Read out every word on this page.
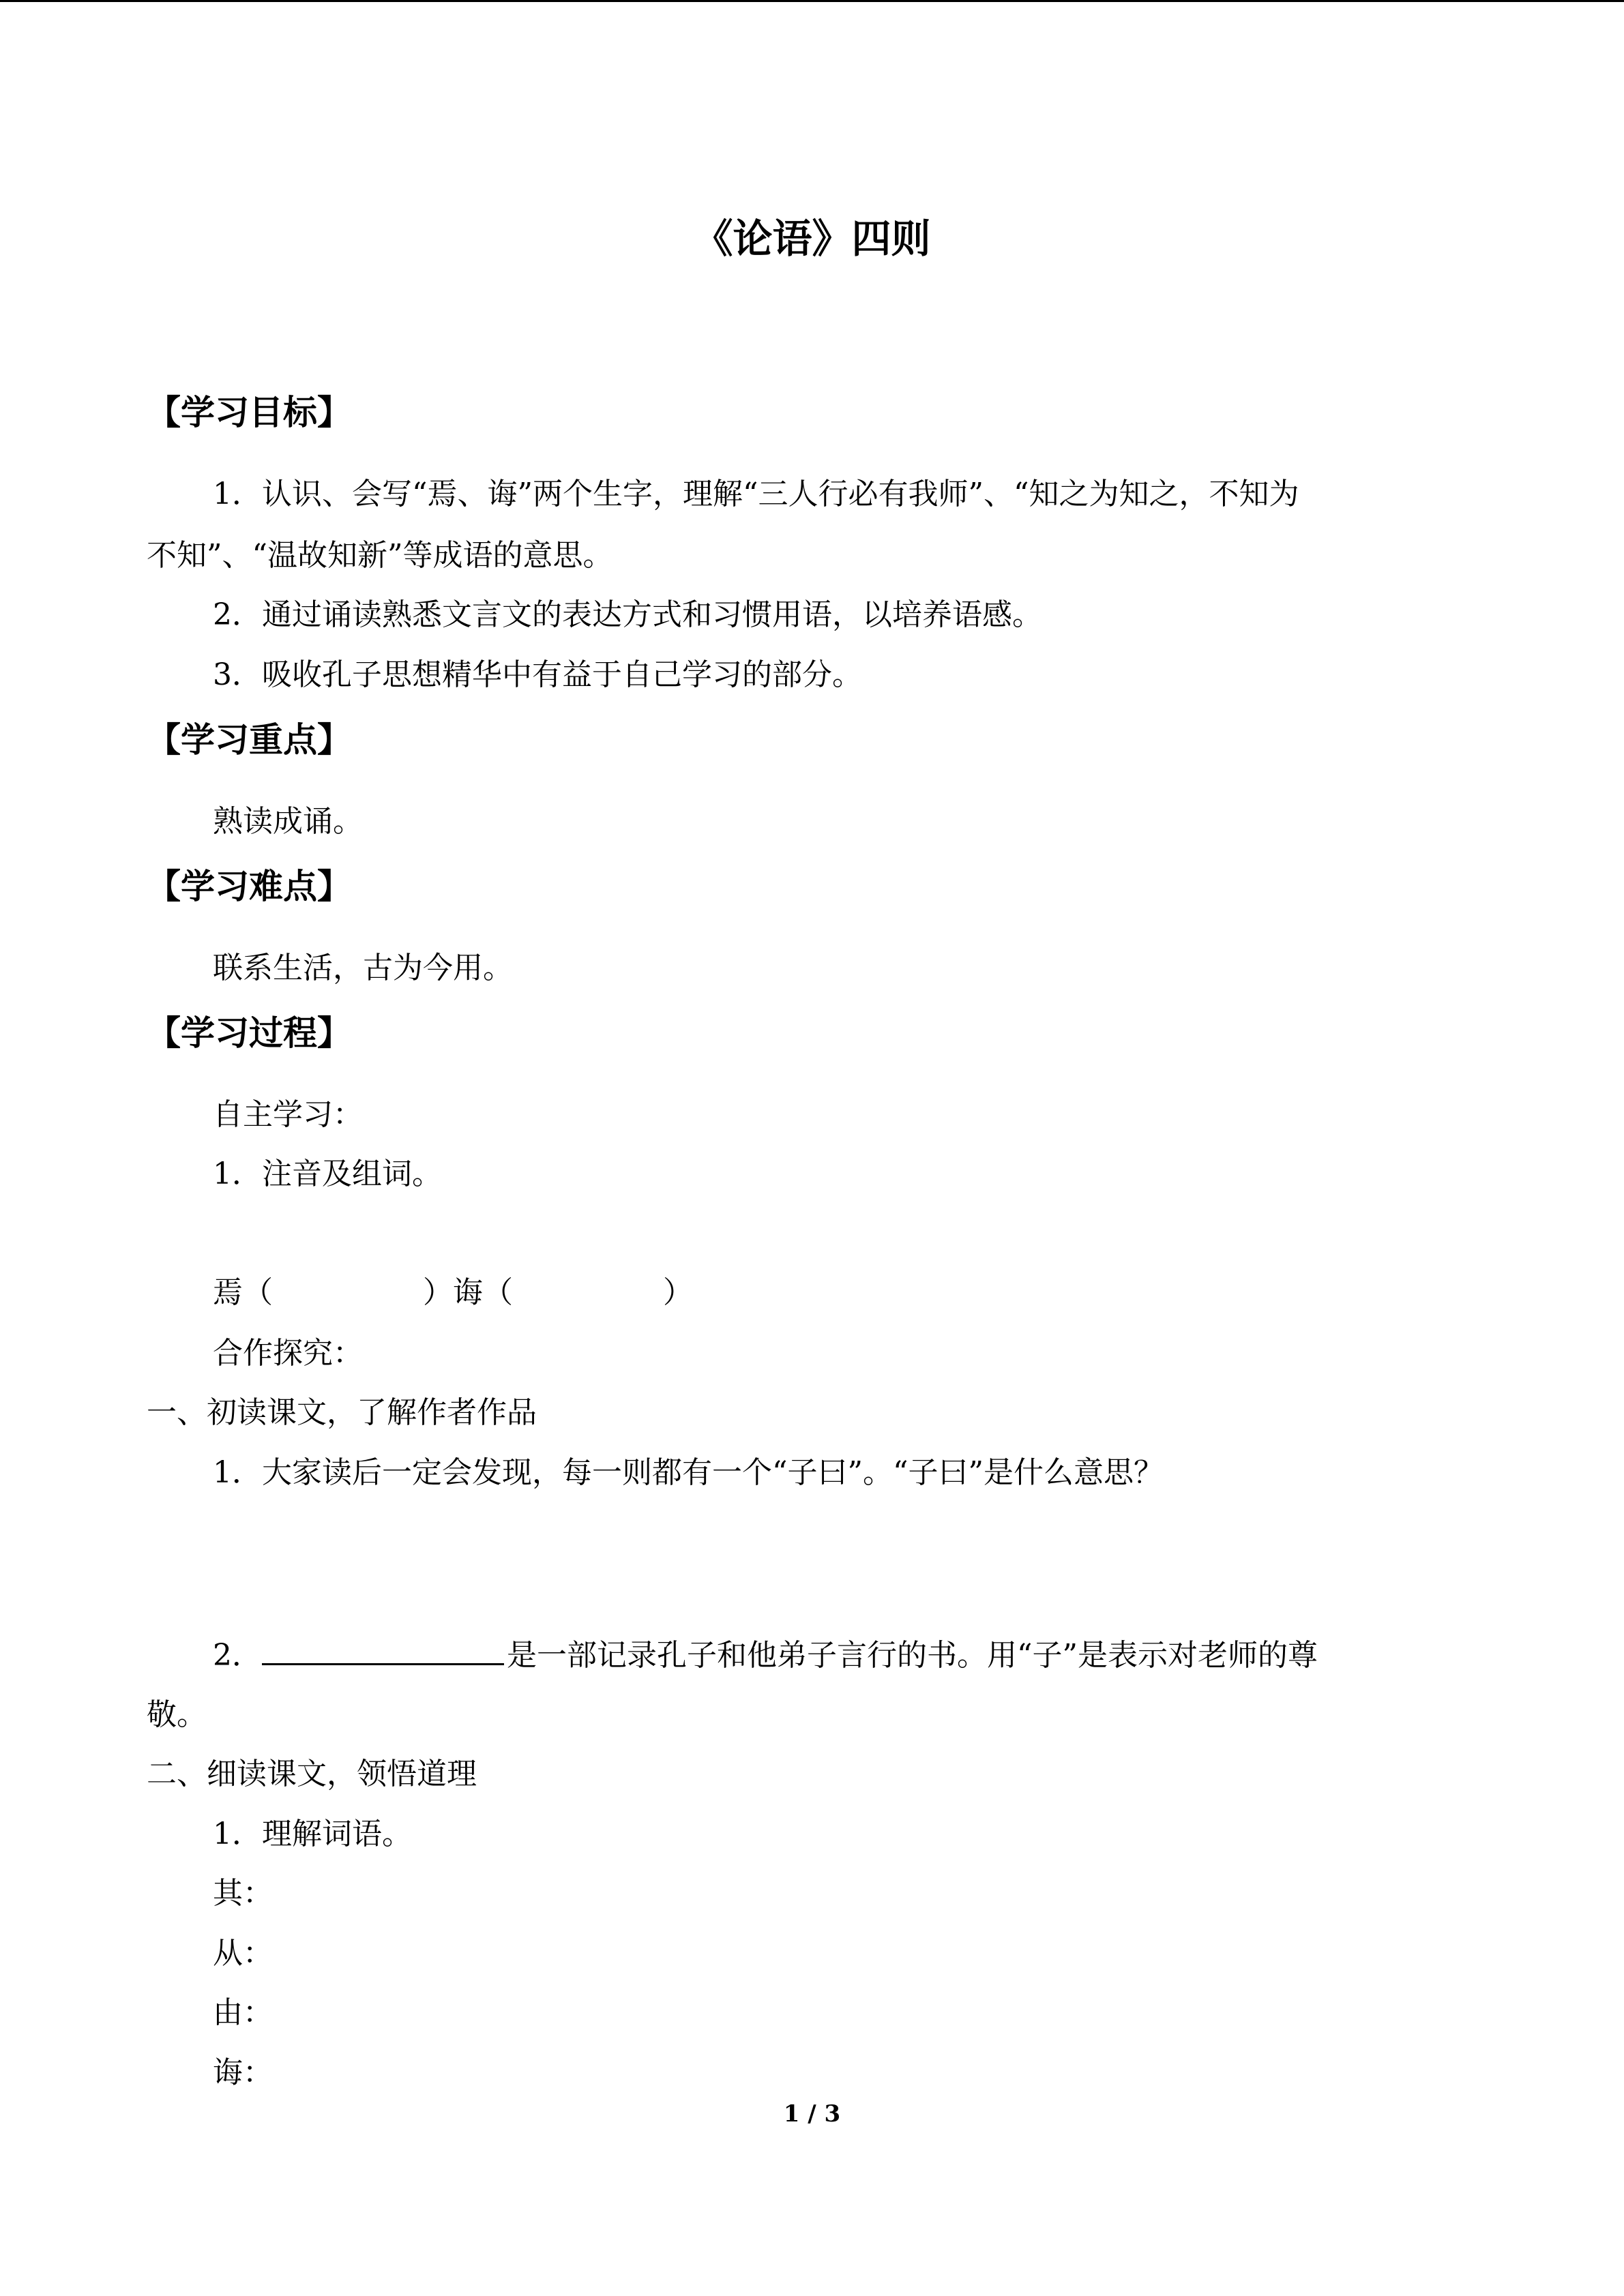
《论语》四则
【学习目标】
1．认识、会写“焉、诲”两个生字，理解“三人行必有我师”、“知之为知之，不知为
不知”、“温故知新”等成语的意思。
2．通过诵读熟悉文言文的表达方式和习惯用语，以培养语感。
3．吸收孔子思想精华中有益于自己学习的部分。
【学习重点】
熟读成诵。
【学习难点】
联系生活，古为今用。
【学习过程】
自主学习：
1．注音及组词。
焉（　　　　　）诲（　　　　　）
合作探究：
一、初读课文，了解作者作品
1．大家读后一定会发现，每一则都有一个“子曰”。“子曰”是什么意思？
2．	是一部记录孔子和他弟子言行的书。用“子”是表示对老师的尊
敬。
二、细读课文，领悟道理
1．理解词语。
其：
从：
由：
诲：
1 / 3
